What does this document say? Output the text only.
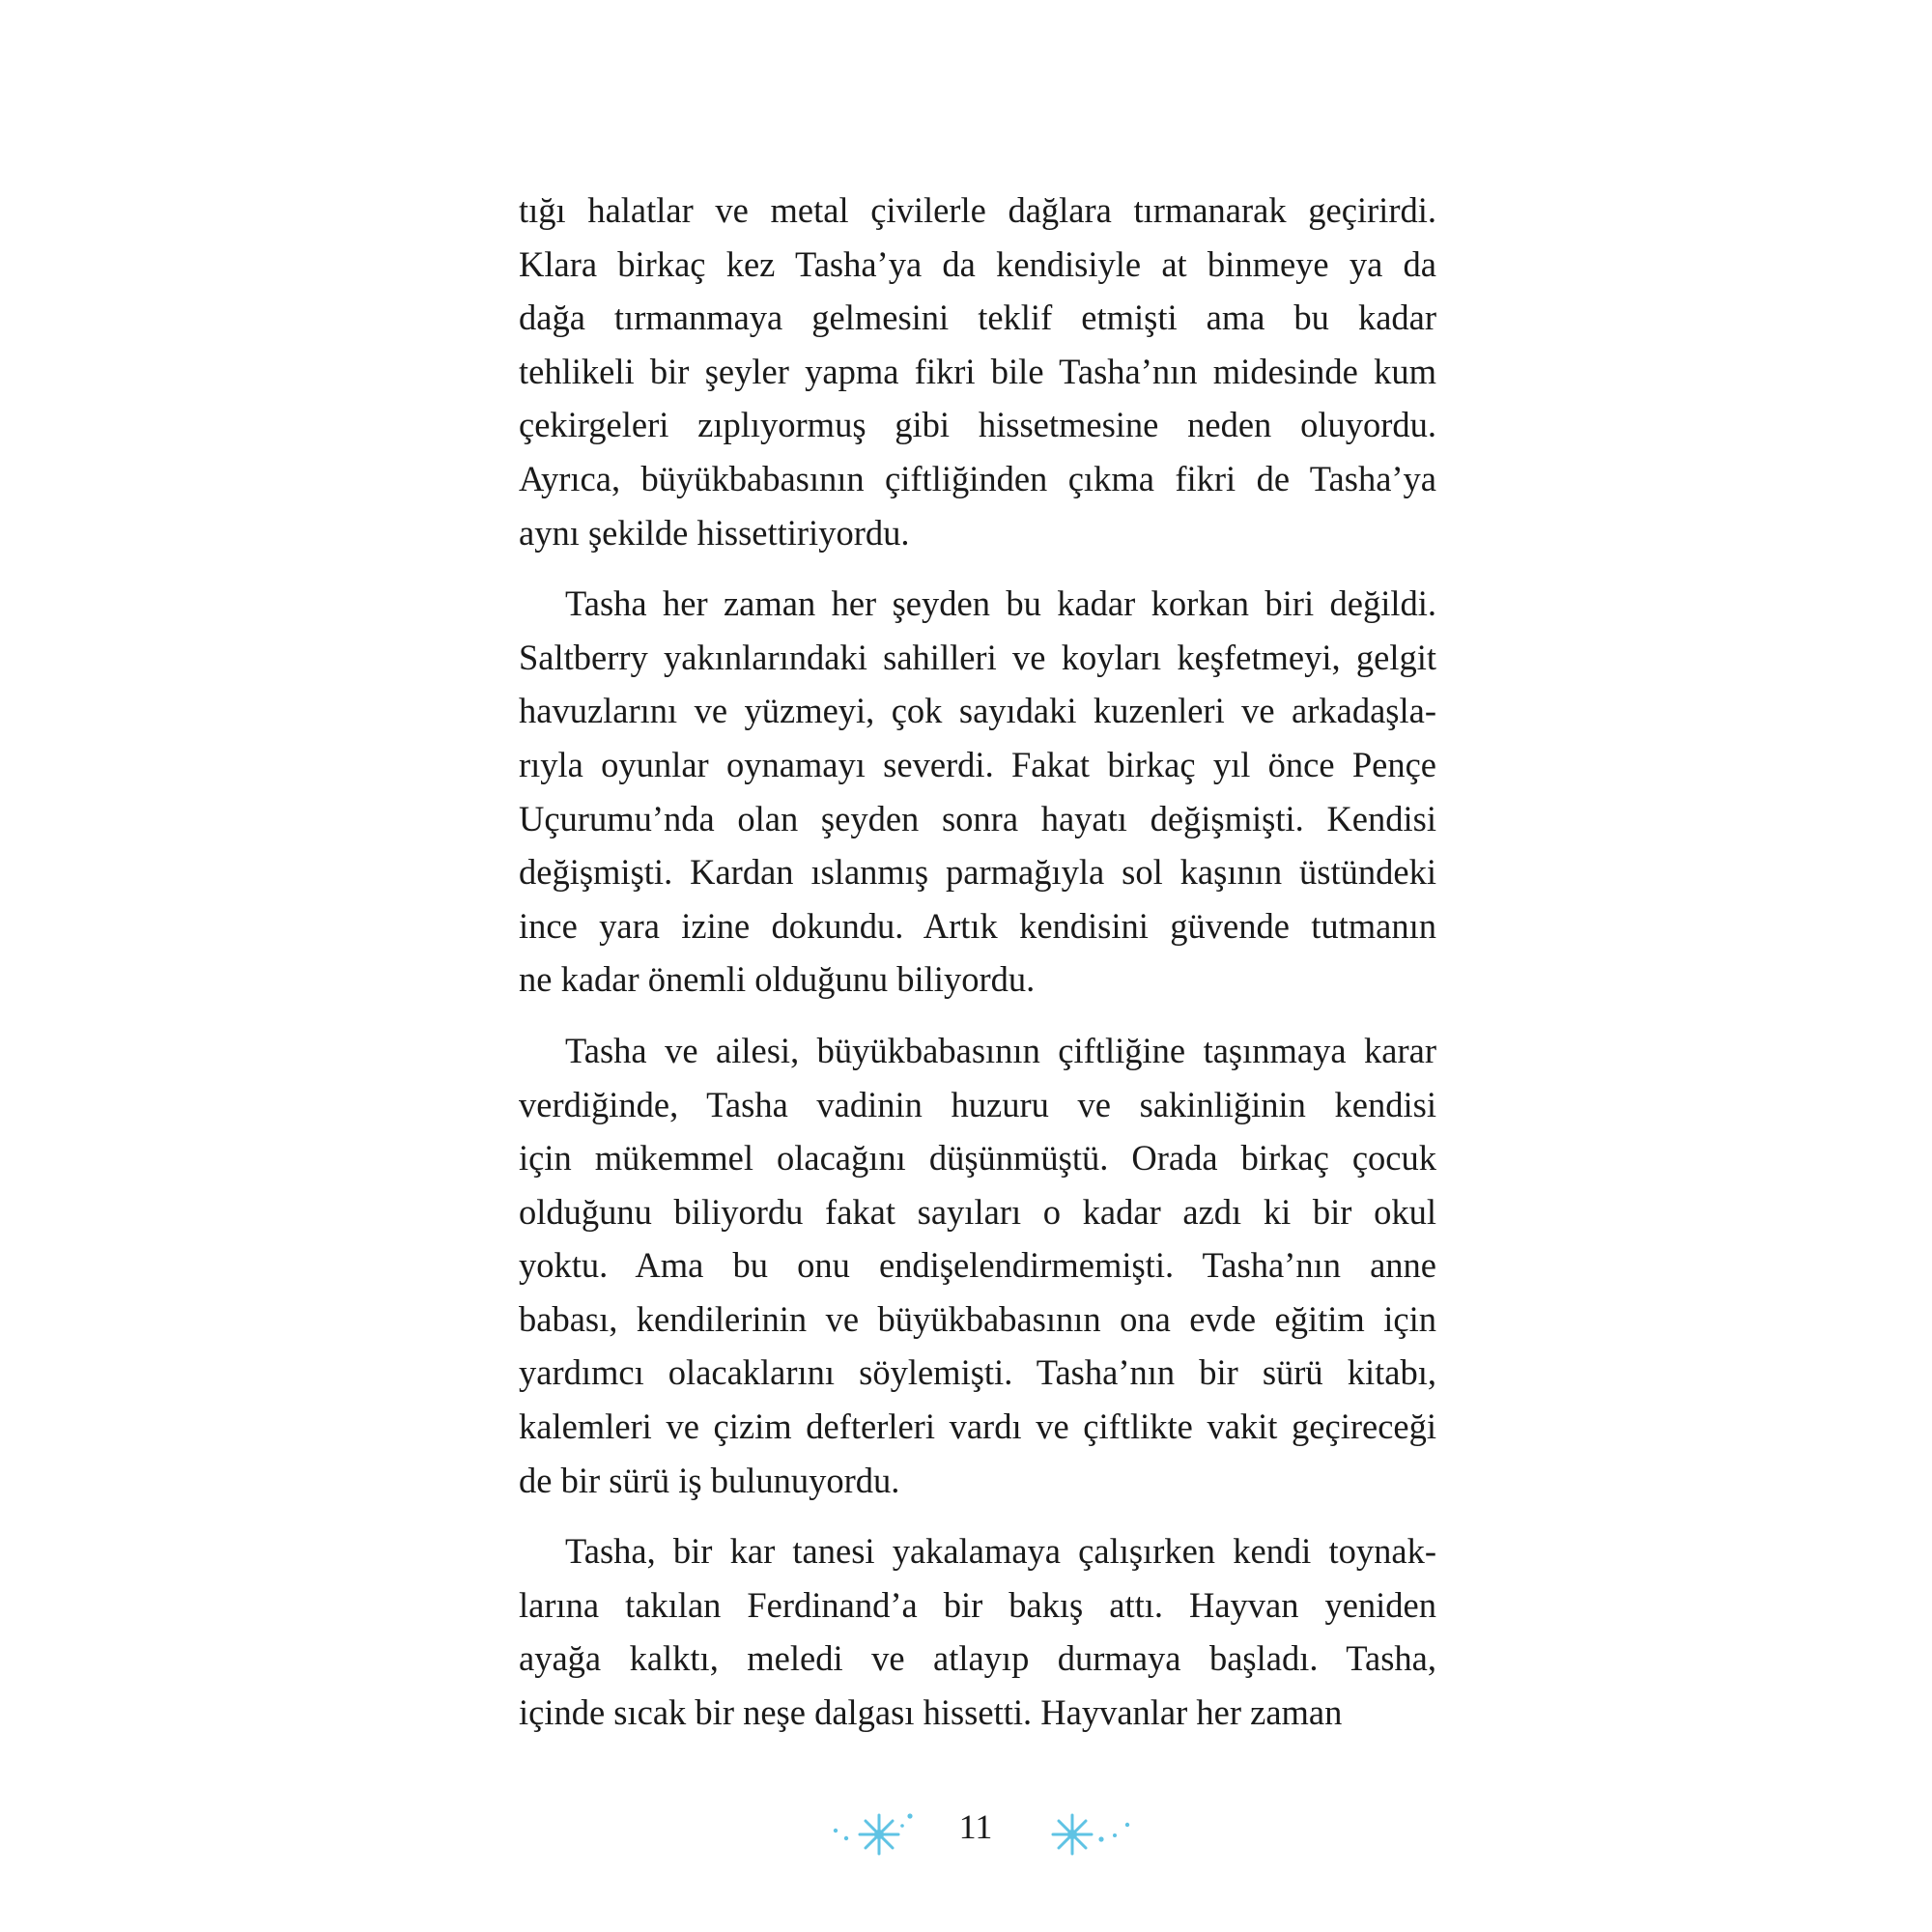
tığı halatlar ve metal çivilerle dağlara tırmanarak geçirirdi.
Klara birkaç kez Tasha’ya da kendisiyle at binmeye ya da
dağa tırmanmaya gelmesini teklif etmişti ama bu kadar
tehlikeli bir şeyler yapma fikri bile Tasha’nın midesinde kum
çekirgeleri zıplıyormuş gibi hissetmesine neden oluyordu.
Ayrıca, büyükbabasının çiftliğinden çıkma fikri de Tasha’ya
aynı şekilde hissettiriyordu.

Tasha her zaman her şeyden bu kadar korkan biri değildi.
Saltberry yakınlarındaki sahilleri ve koyları keşfetmeyi, gelgit
havuzlarını ve yüzmeyi, çok sayıdaki kuzenleri ve arkadaşla-
rıyla oyunlar oynamayı severdi. Fakat birkaç yıl önce Pençe
Uçurumu’nda olan şeyden sonra hayatı değişmişti. Kendisi
değişmişti. Kardan ıslanmış parmağıyla sol kaşının üstündeki
ince yara izine dokundu. Artık kendisini güvende tutmanın
ne kadar önemli olduğunu biliyordu.

Tasha ve ailesi, büyükbabasının çiftliğine taşınmaya karar
verdiğinde, Tasha vadinin huzuru ve sakinliğinin kendisi
için mükemmel olacağını düşünmüştü. Orada birkaç çocuk
olduğunu biliyordu fakat sayıları o kadar azdı ki bir okul
yoktu. Ama bu onu endişelendirmemişti. Tasha’nın anne
babası, kendilerinin ve büyükbabasının ona evde eğitim için
yardımcı olacaklarını söylemişti. Tasha’nın bir sürü kitabı,
kalemleri ve çizim defterleri vardı ve çiftlikte vakit geçireceği
de bir sürü iş bulunuyordu.

Tasha, bir kar tanesi yakalamaya çalışırken kendi toynak-
larına takılan Ferdinand’a bir bakış attı. Hayvan yeniden
ayağa kalktı, meledi ve atlayıp durmaya başladı. Tasha,
içinde sıcak bir neşe dalgası hissetti. Hayvanlar her zaman

11
